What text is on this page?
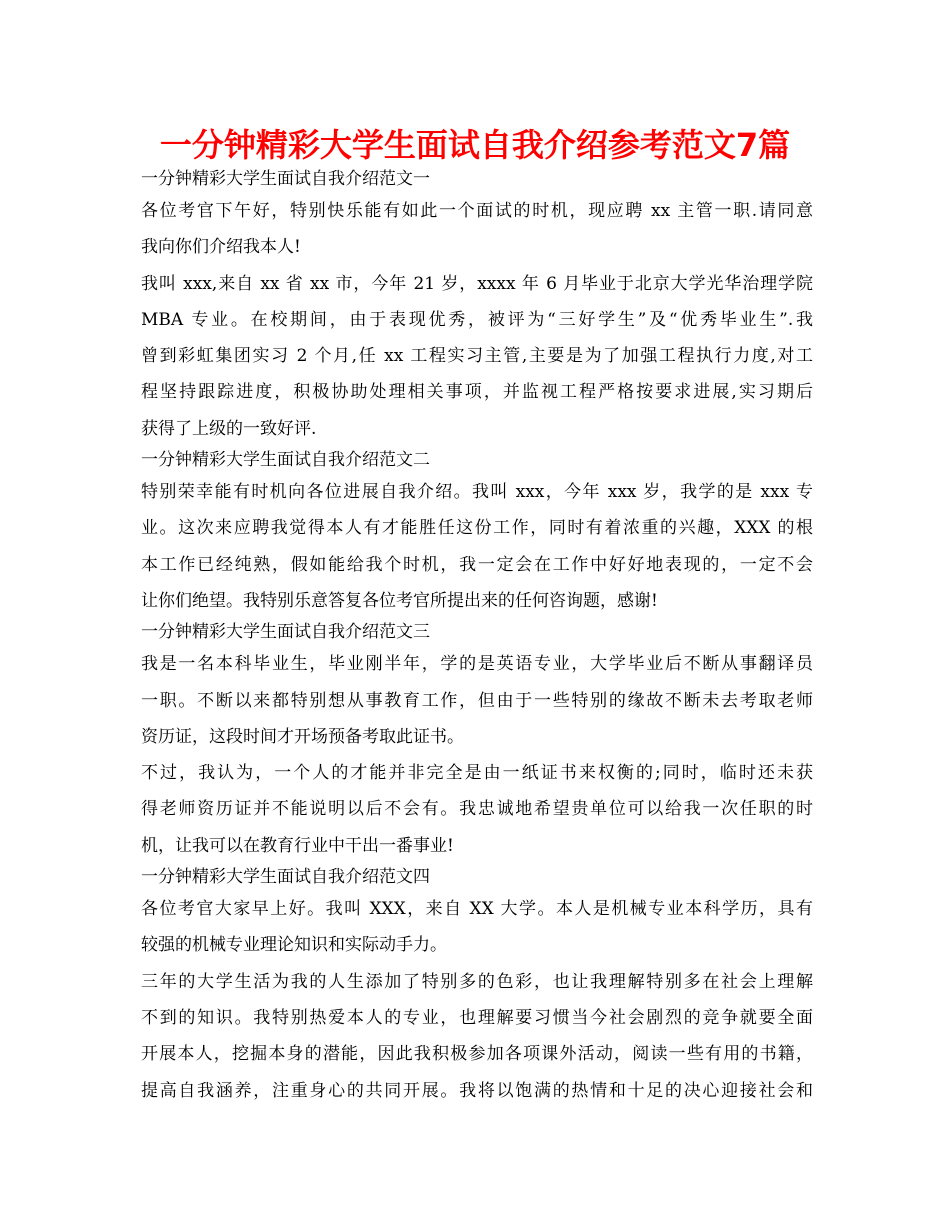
一分钟精彩大学生面试自我介绍参考范文7篇
一分钟精彩大学生面试自我介绍范文一
各位考官下午好，特别快乐能有如此一个面试的时机，现应聘 xx 主管一职.请同意
我向你们介绍我本人!
我叫 xxx,来自 xx 省 xx 市，今年 21 岁，xxxx 年 6 月毕业于北京大学光华治理学院
MBA 专业。在校期间，由于表现优秀，被评为“三好学生”及“优秀毕业生”.我
曾到彩虹集团实习 2 个月,任 xx 工程实习主管,主要是为了加强工程执行力度,对工
程坚持跟踪进度，积极协助处理相关事项，并监视工程严格按要求进展,实习期后
获得了上级的一致好评.
一分钟精彩大学生面试自我介绍范文二
特别荣幸能有时机向各位进展自我介绍。我叫 xxx，今年 xxx 岁，我学的是 xxx 专
业。这次来应聘我觉得本人有才能胜任这份工作，同时有着浓重的兴趣，XXX 的根
本工作已经纯熟，假如能给我个时机，我一定会在工作中好好地表现的，一定不会
让你们绝望。我特别乐意答复各位考官所提出来的任何咨询题，感谢!
一分钟精彩大学生面试自我介绍范文三
我是一名本科毕业生，毕业刚半年，学的是英语专业，大学毕业后不断从事翻译员
一职。不断以来都特别想从事教育工作，但由于一些特别的缘故不断未去考取老师
资历证，这段时间才开场预备考取此证书。
不过，我认为，一个人的才能并非完全是由一纸证书来权衡的;同时，临时还未获
得老师资历证并不能说明以后不会有。我忠诚地希望贵单位可以给我一次任职的时
机，让我可以在教育行业中干出一番事业!
一分钟精彩大学生面试自我介绍范文四
各位考官大家早上好。我叫 XXX，来自 XX 大学。本人是机械专业本科学历，具有
较强的机械专业理论知识和实际动手力。
三年的大学生活为我的人生添加了特别多的色彩，也让我理解特别多在社会上理解
不到的知识。我特别热爱本人的专业，也理解要习惯当今社会剧烈的竞争就要全面
开展本人，挖掘本身的潜能，因此我积极参加各项课外活动，阅读一些有用的书籍，
提高自我涵养，注重身心的共同开展。我将以饱满的热情和十足的决心迎接社会和
